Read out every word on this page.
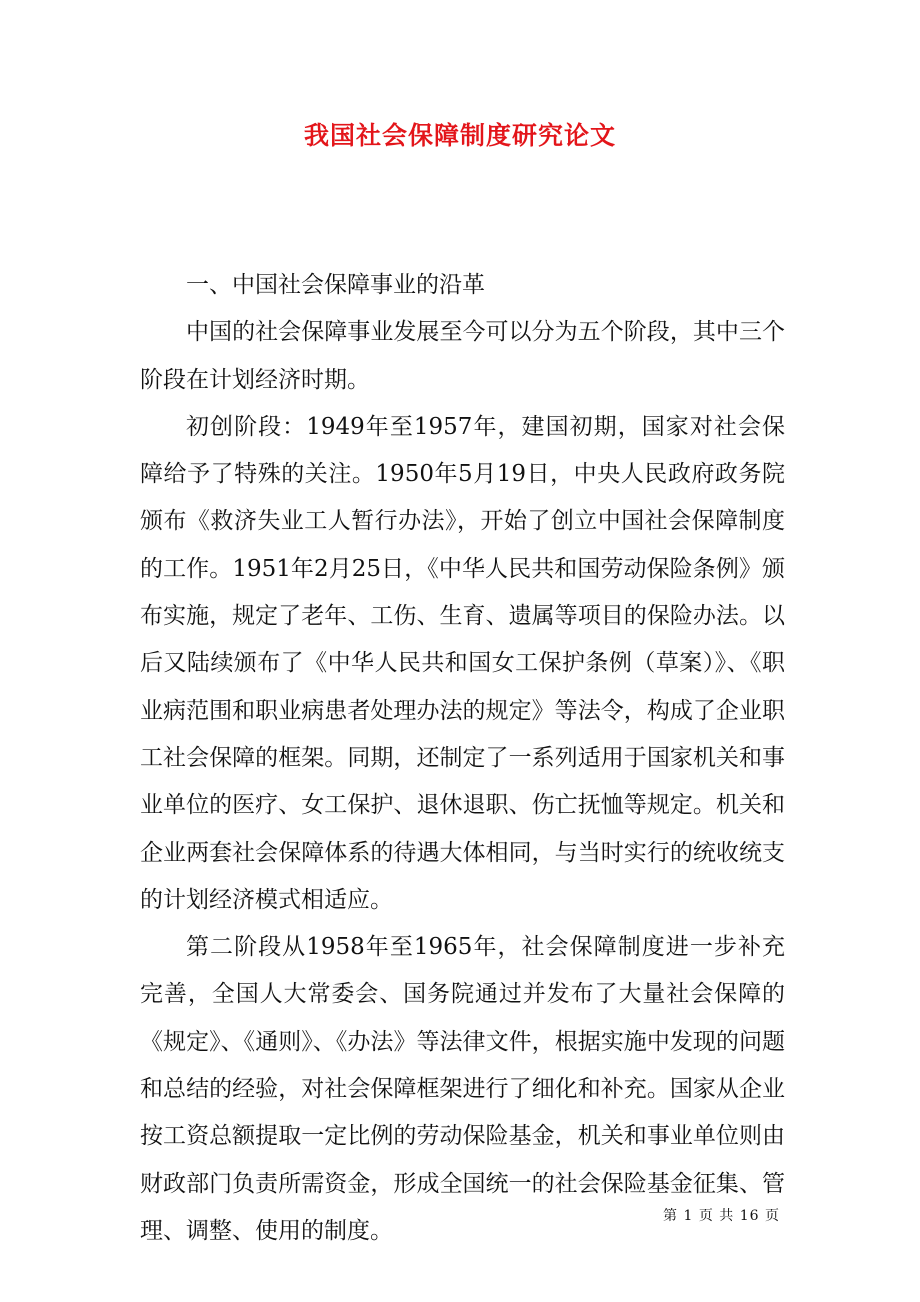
我国社会保障制度研究论文

一、中国社会保障事业的沿革

中国的社会保障事业发展至今可以分为五个阶段，其中三个阶段在计划经济时期。

初创阶段：1949年至1957年，建国初期，国家对社会保障给予了特殊的关注。1950年5月19日，中央人民政府政务院颁布《救济失业工人暂行办法》，开始了创立中国社会保障制度的工作。1951年2月25日，《中华人民共和国劳动保险条例》颁布实施，规定了老年、工伤、生育、遗属等项目的保险办法。以后又陆续颁布了《中华人民共和国女工保护条例（草案）》、《职业病范围和职业病患者处理办法的规定》等法令，构成了企业职工社会保障的框架。同期，还制定了一系列适用于国家机关和事业单位的医疗、女工保护、退休退职、伤亡抚恤等规定。机关和企业两套社会保障体系的待遇大体相同，与当时实行的统收统支的计划经济模式相适应。

第二阶段从1958年至1965年，社会保障制度进一步补充完善，全国人大常委会、国务院通过并发布了大量社会保障的《规定》、《通则》、《办法》等法律文件，根据实施中发现的问题和总结的经验，对社会保障框架进行了细化和补充。国家从企业按工资总额提取一定比例的劳动保险基金，机关和事业单位则由财政部门负责所需资金，形成全国统一的社会保险基金征集、管理、调整、使用的制度。

第 1 页 共 16 页
